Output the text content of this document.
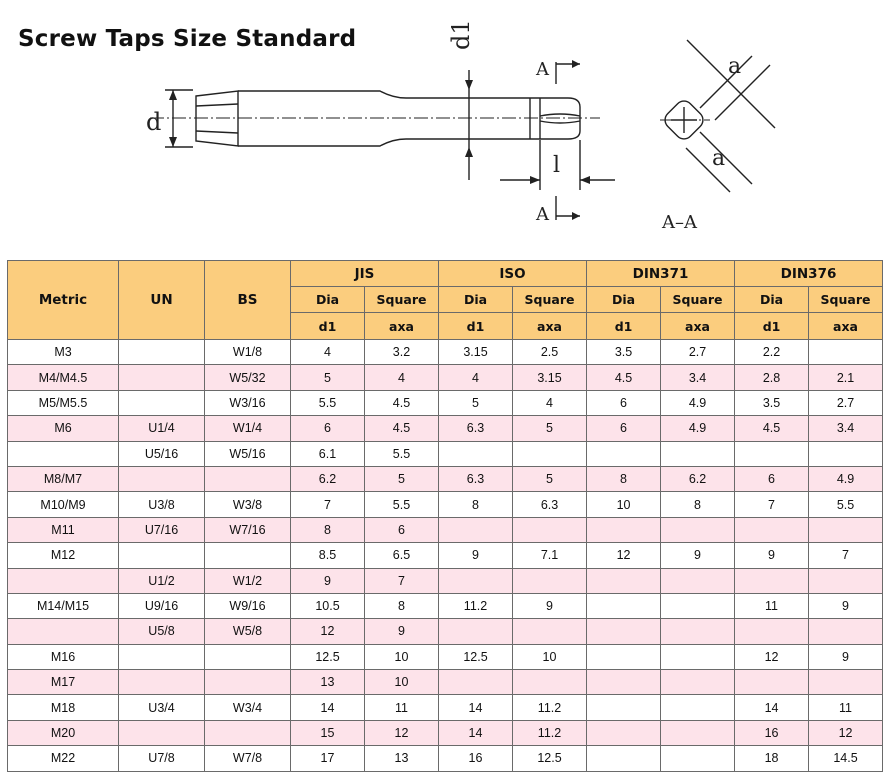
Screw Taps Size Standard
d
d1
l
A
A	A–A
a
a
Metric	UN	BS	JIS		ISO		DIN371		DIN376	
			Dia	Square	Dia	Square	Dia	Square	Dia	Square
			d1	axa	d1	axa	d1	axa	d1	axa
M3		W1/8	4	3.2	3.15	2.5	3.5	2.7	2.2	
M4/M4.5		W5/32	5	4	4	3.15	4.5	3.4	2.8	2.1
M5/M5.5		W3/16	5.5	4.5	5	4	6	4.9	3.5	2.7
M6	U1/4	W1/4	6	4.5	6.3	5	6	4.9	4.5	3.4
	U5/16	W5/16	6.1	5.5						
M8/M7			6.2	5	6.3	5	8	6.2	6	4.9
M10/M9	U3/8	W3/8	7	5.5	8	6.3	10	8	7	5.5
M11	U7/16	W7/16	8	6						
M12			8.5	6.5	9	7.1	12	9	9	7
	U1/2	W1/2	9	7						
M14/M15	U9/16	W9/16	10.5	8	11.2	9			11	9
	U5/8	W5/8	12	9						
M16			12.5	10	12.5	10			12	9
M17			13	10						
M18	U3/4	W3/4	14	11	14	11.2			14	11
M20			15	12	14	11.2			16	12
M22	U7/8	W7/8	17	13	16	12.5			18	14.5
